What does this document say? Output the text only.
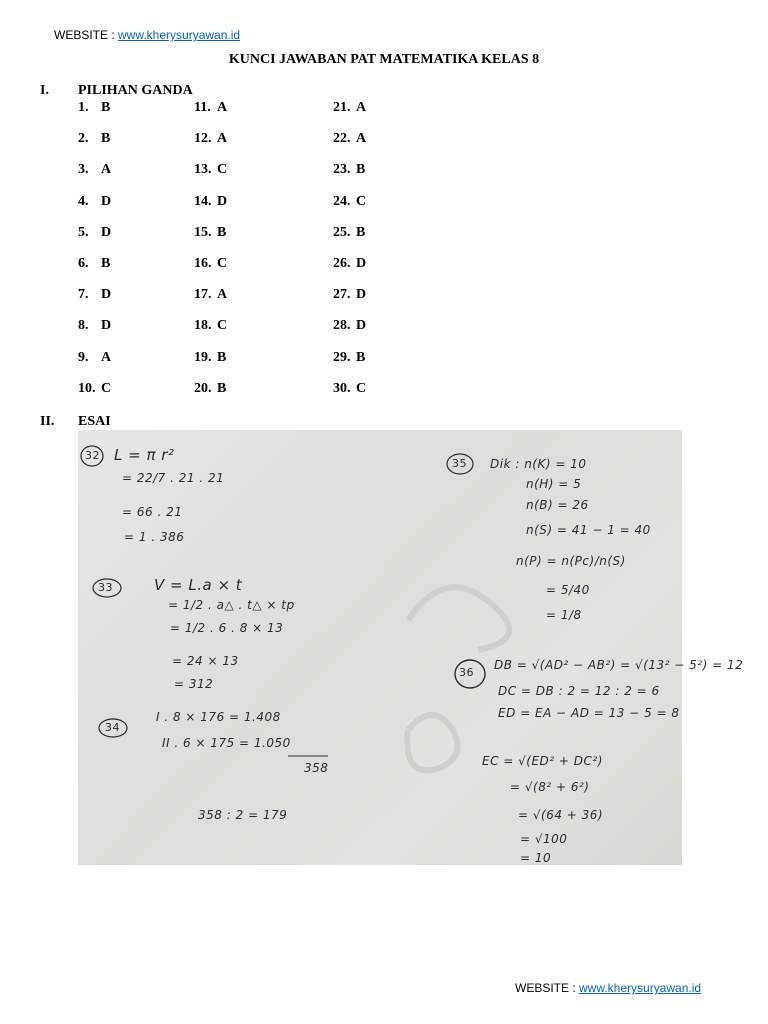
WEBSITE : www.kherysuryawan.id
KUNCI JAWABAN PAT MATEMATIKA KELAS 8
I. PILIHAN GANDA
1. B
2. B
3. A
4. D
5. D
6. B
7. D
8. D
9. A
10. C
11. A
12. A
13. C
14. D
15. B
16. C
17. A
18. C
19. B
20. B
21. A
22. A
23. B
24. C
25. B
26. D
27. D
28. D
29. B
30. C
II. ESAI
32 L = π r²
= 22/7 . 21 . 21
= 66 . 21
= 1 . 386
33	V = L.a × t
= 1/2 . a△ . t△ × tp
= 1/2 . 6 . 8 × 13
= 24 × 13
= 312
34
I . 8 × 176 = 1.408
II . 6 × 175 = 1.050
358
358 : 2 = 179
35 Dik : n(K) = 10
n(H) = 5
n(B) = 26
n(S) = 41 − 1 = 40
n(P) = n(Pc)/n(S)
= 5/40
= 1/8
36
DB = √(AD² − AB²) = √(13² − 5²) = 12
DC = DB : 2 = 12 : 2 = 6
ED = EA − AD = 13 − 5 = 8
EC = √(ED² + DC²)
= √(8² + 6²)
= √(64 + 36)
= √100
= 10
WEBSITE : www.kherysuryawan.id
